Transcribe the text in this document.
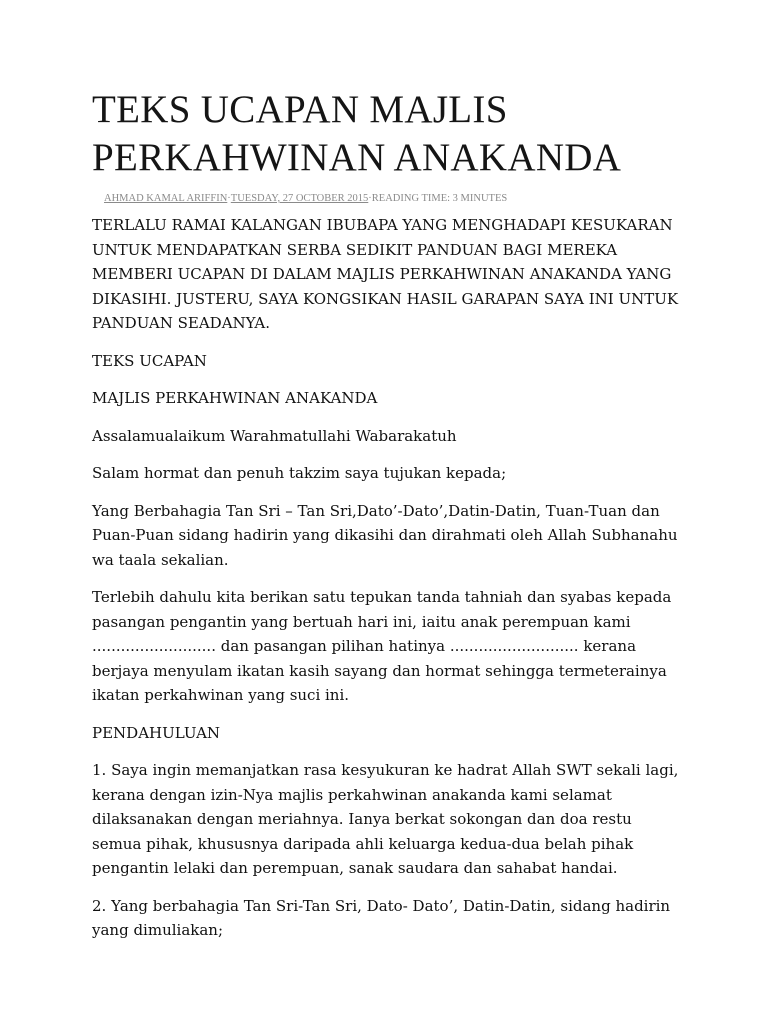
TEKS UCAPAN MAJLIS PERKAHWINAN ANAKANDA
AHMAD KAMAL ARIFFIN·TUESDAY, 27 OCTOBER 2015·READING TIME: 3 MINUTES

TERLALU RAMAI KALANGAN IBUBAPA YANG MENGHADAPI KESUKARAN UNTUK MENDAPATKAN SERBA SEDIKIT PANDUAN BAGI MEREKA MEMBERI UCAPAN DI DALAM MAJLIS PERKAHWINAN ANAKANDA YANG DIKASIHI. JUSTERU, SAYA KONGSIKAN HASIL GARAPAN SAYA INI UNTUK PANDUAN SEADANYA.

TEKS UCAPAN

MAJLIS PERKAHWINAN ANAKANDA

Assalamualaikum Warahmatullahi Wabarakatuh

Salam hormat dan penuh takzim saya tujukan kepada;

Yang Berbahagia Tan Sri – Tan Sri,Dato’-Dato’,Datin-Datin, Tuan-Tuan dan Puan-Puan sidang hadirin yang dikasihi dan dirahmati oleh Allah Subhanahu wa taala sekalian.

Terlebih dahulu kita berikan satu tepukan tanda tahniah dan syabas kepada pasangan pengantin yang bertuah hari ini, iaitu anak perempuan kami .......................... dan pasangan pilihan hatinya ........................... kerana berjaya menyulam ikatan kasih sayang dan hormat sehingga termeterainya ikatan perkahwinan yang suci ini.

PENDAHULUAN

1. Saya ingin memanjatkan rasa kesyukuran ke hadrat Allah SWT sekali lagi, kerana dengan izin-Nya majlis perkahwinan anakanda kami selamat dilaksanakan dengan meriahnya. Ianya berkat sokongan dan doa restu semua pihak, khususnya daripada ahli keluarga kedua-dua belah pihak pengantin lelaki dan perempuan, sanak saudara dan sahabat handai.

2. Yang berbahagia Tan Sri-Tan Sri, Dato- Dato’, Datin-Datin, sidang hadirin yang dimuliakan;
